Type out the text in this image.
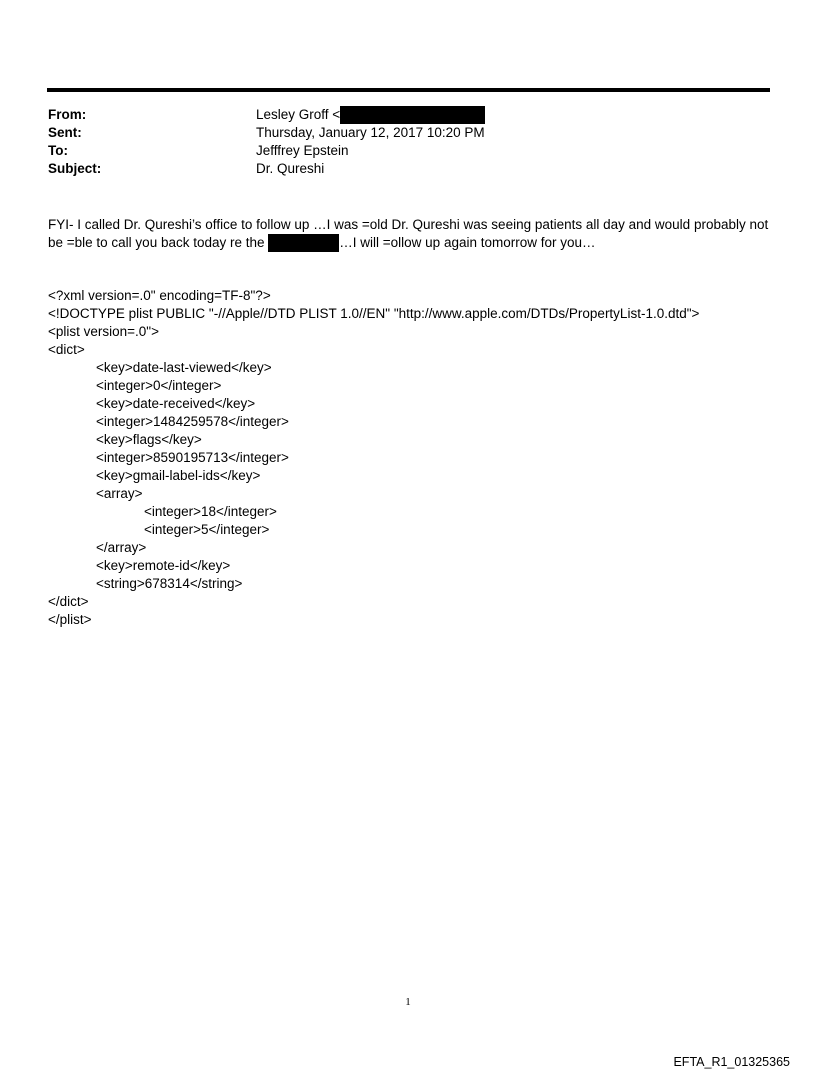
From:	Lesley Groff <
Sent:	Thursday, January 12, 2017 10:20 PM
To:	Jefffrey Epstein
Subject:	Dr. Qureshi
FYI- I called Dr. Qureshi’s office to follow up …I was =old Dr. Qureshi was seeing patients all day and would probably not
be =ble to call you back today re the	…I will =ollow up again tomorrow for you…
<?xml version=.0" encoding=TF-8"?>
<!DOCTYPE plist PUBLIC "-//Apple//DTD PLIST 1.0//EN" "http://www.apple.com/DTDs/PropertyList-1.0.dtd">
<plist version=.0">
<dict>
<key>date-last-viewed</key>
<integer>0</integer>
<key>date-received</key>
<integer>1484259578</integer>
<key>flags</key>
<integer>8590195713</integer>
<key>gmail-label-ids</key>
<array>
<integer>18</integer>
<integer>5</integer>
</array>
<key>remote-id</key>
<string>678314</string>
</dict>
</plist>
1
EFTA_R1_01325365
